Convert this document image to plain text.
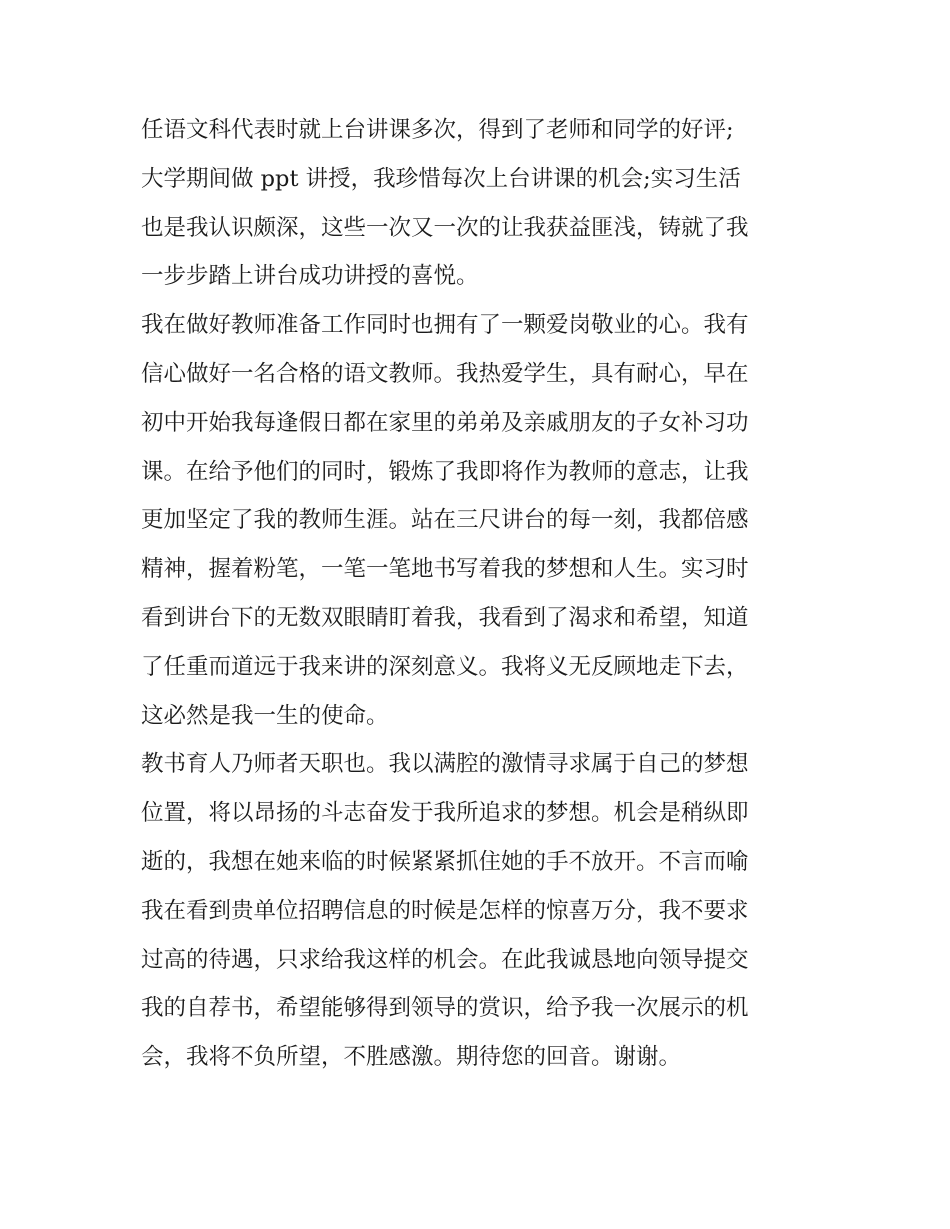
任语文科代表时就上台讲课多次，得到了老师和同学的好评;
大学期间做 ppt 讲授，我珍惜每次上台讲课的机会;实习生活
也是我认识颇深，这些一次又一次的让我获益匪浅，铸就了我
一步步踏上讲台成功讲授的喜悦。
我在做好教师准备工作同时也拥有了一颗爱岗敬业的心。我有
信心做好一名合格的语文教师。我热爱学生，具有耐心，早在
初中开始我每逢假日都在家里的弟弟及亲戚朋友的子女补习功
课。在给予他们的同时，锻炼了我即将作为教师的意志，让我
更加坚定了我的教师生涯。站在三尺讲台的每一刻，我都倍感
精神，握着粉笔，一笔一笔地书写着我的梦想和人生。实习时
看到讲台下的无数双眼睛盯着我，我看到了渴求和希望，知道
了任重而道远于我来讲的深刻意义。我将义无反顾地走下去，
这必然是我一生的使命。
教书育人乃师者天职也。我以满腔的激情寻求属于自己的梦想
位置，将以昂扬的斗志奋发于我所追求的梦想。机会是稍纵即
逝的，我想在她来临的时候紧紧抓住她的手不放开。不言而喻
我在看到贵单位招聘信息的时候是怎样的惊喜万分，我不要求
过高的待遇，只求给我这样的机会。在此我诚恳地向领导提交
我的自荐书，希望能够得到领导的赏识，给予我一次展示的机
会，我将不负所望，不胜感激。期待您的回音。谢谢。
